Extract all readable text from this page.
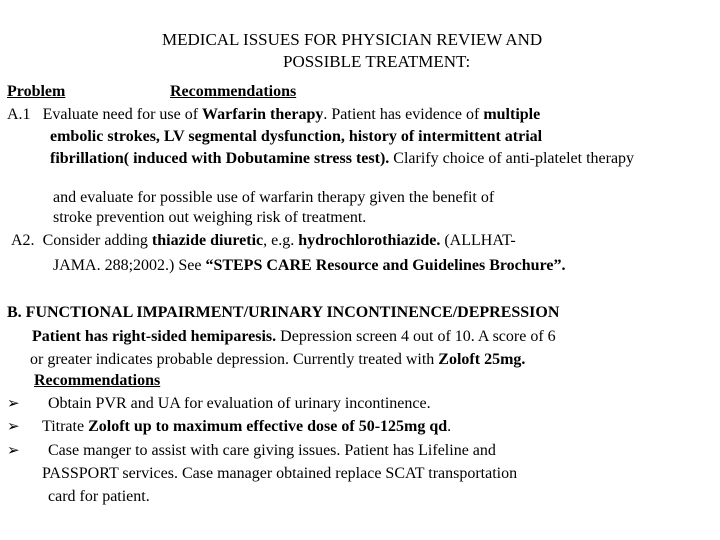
MEDICAL ISSUES FOR PHYSICIAN REVIEW AND
POSSIBLE TREATMENT:
Problem	Recommendations
A.1 Evaluate need for use of Warfarin therapy. Patient has evidence of multiple
embolic strokes, LV segmental dysfunction, history of intermittent atrial
fibrillation( induced with Dobutamine stress test). Clarify choice of anti-platelet therapy
and evaluate for possible use of warfarin therapy given the benefit of
stroke prevention out weighing risk of treatment.
A2. Consider adding thiazide diuretic, e.g. hydrochlorothiazide. (ALLHAT-
JAMA. 288;2002.) See “STEPS CARE Resource and Guidelines Brochure”.
B. FUNCTIONAL IMPAIRMENT/URINARY INCONTINENCE/DEPRESSION
Patient has right-sided hemiparesis. Depression screen 4 out of 10. A score of 6
or greater indicates probable depression. Currently treated with Zoloft 25mg.
Recommendations
➢ Obtain PVR and UA for evaluation of urinary incontinence.
➢ Titrate Zoloft up to maximum effective dose of 50-125mg qd.
➢ Case manger to assist with care giving issues. Patient has Lifeline and
PASSPORT services. Case manager obtained replace SCAT transportation
card for patient.
